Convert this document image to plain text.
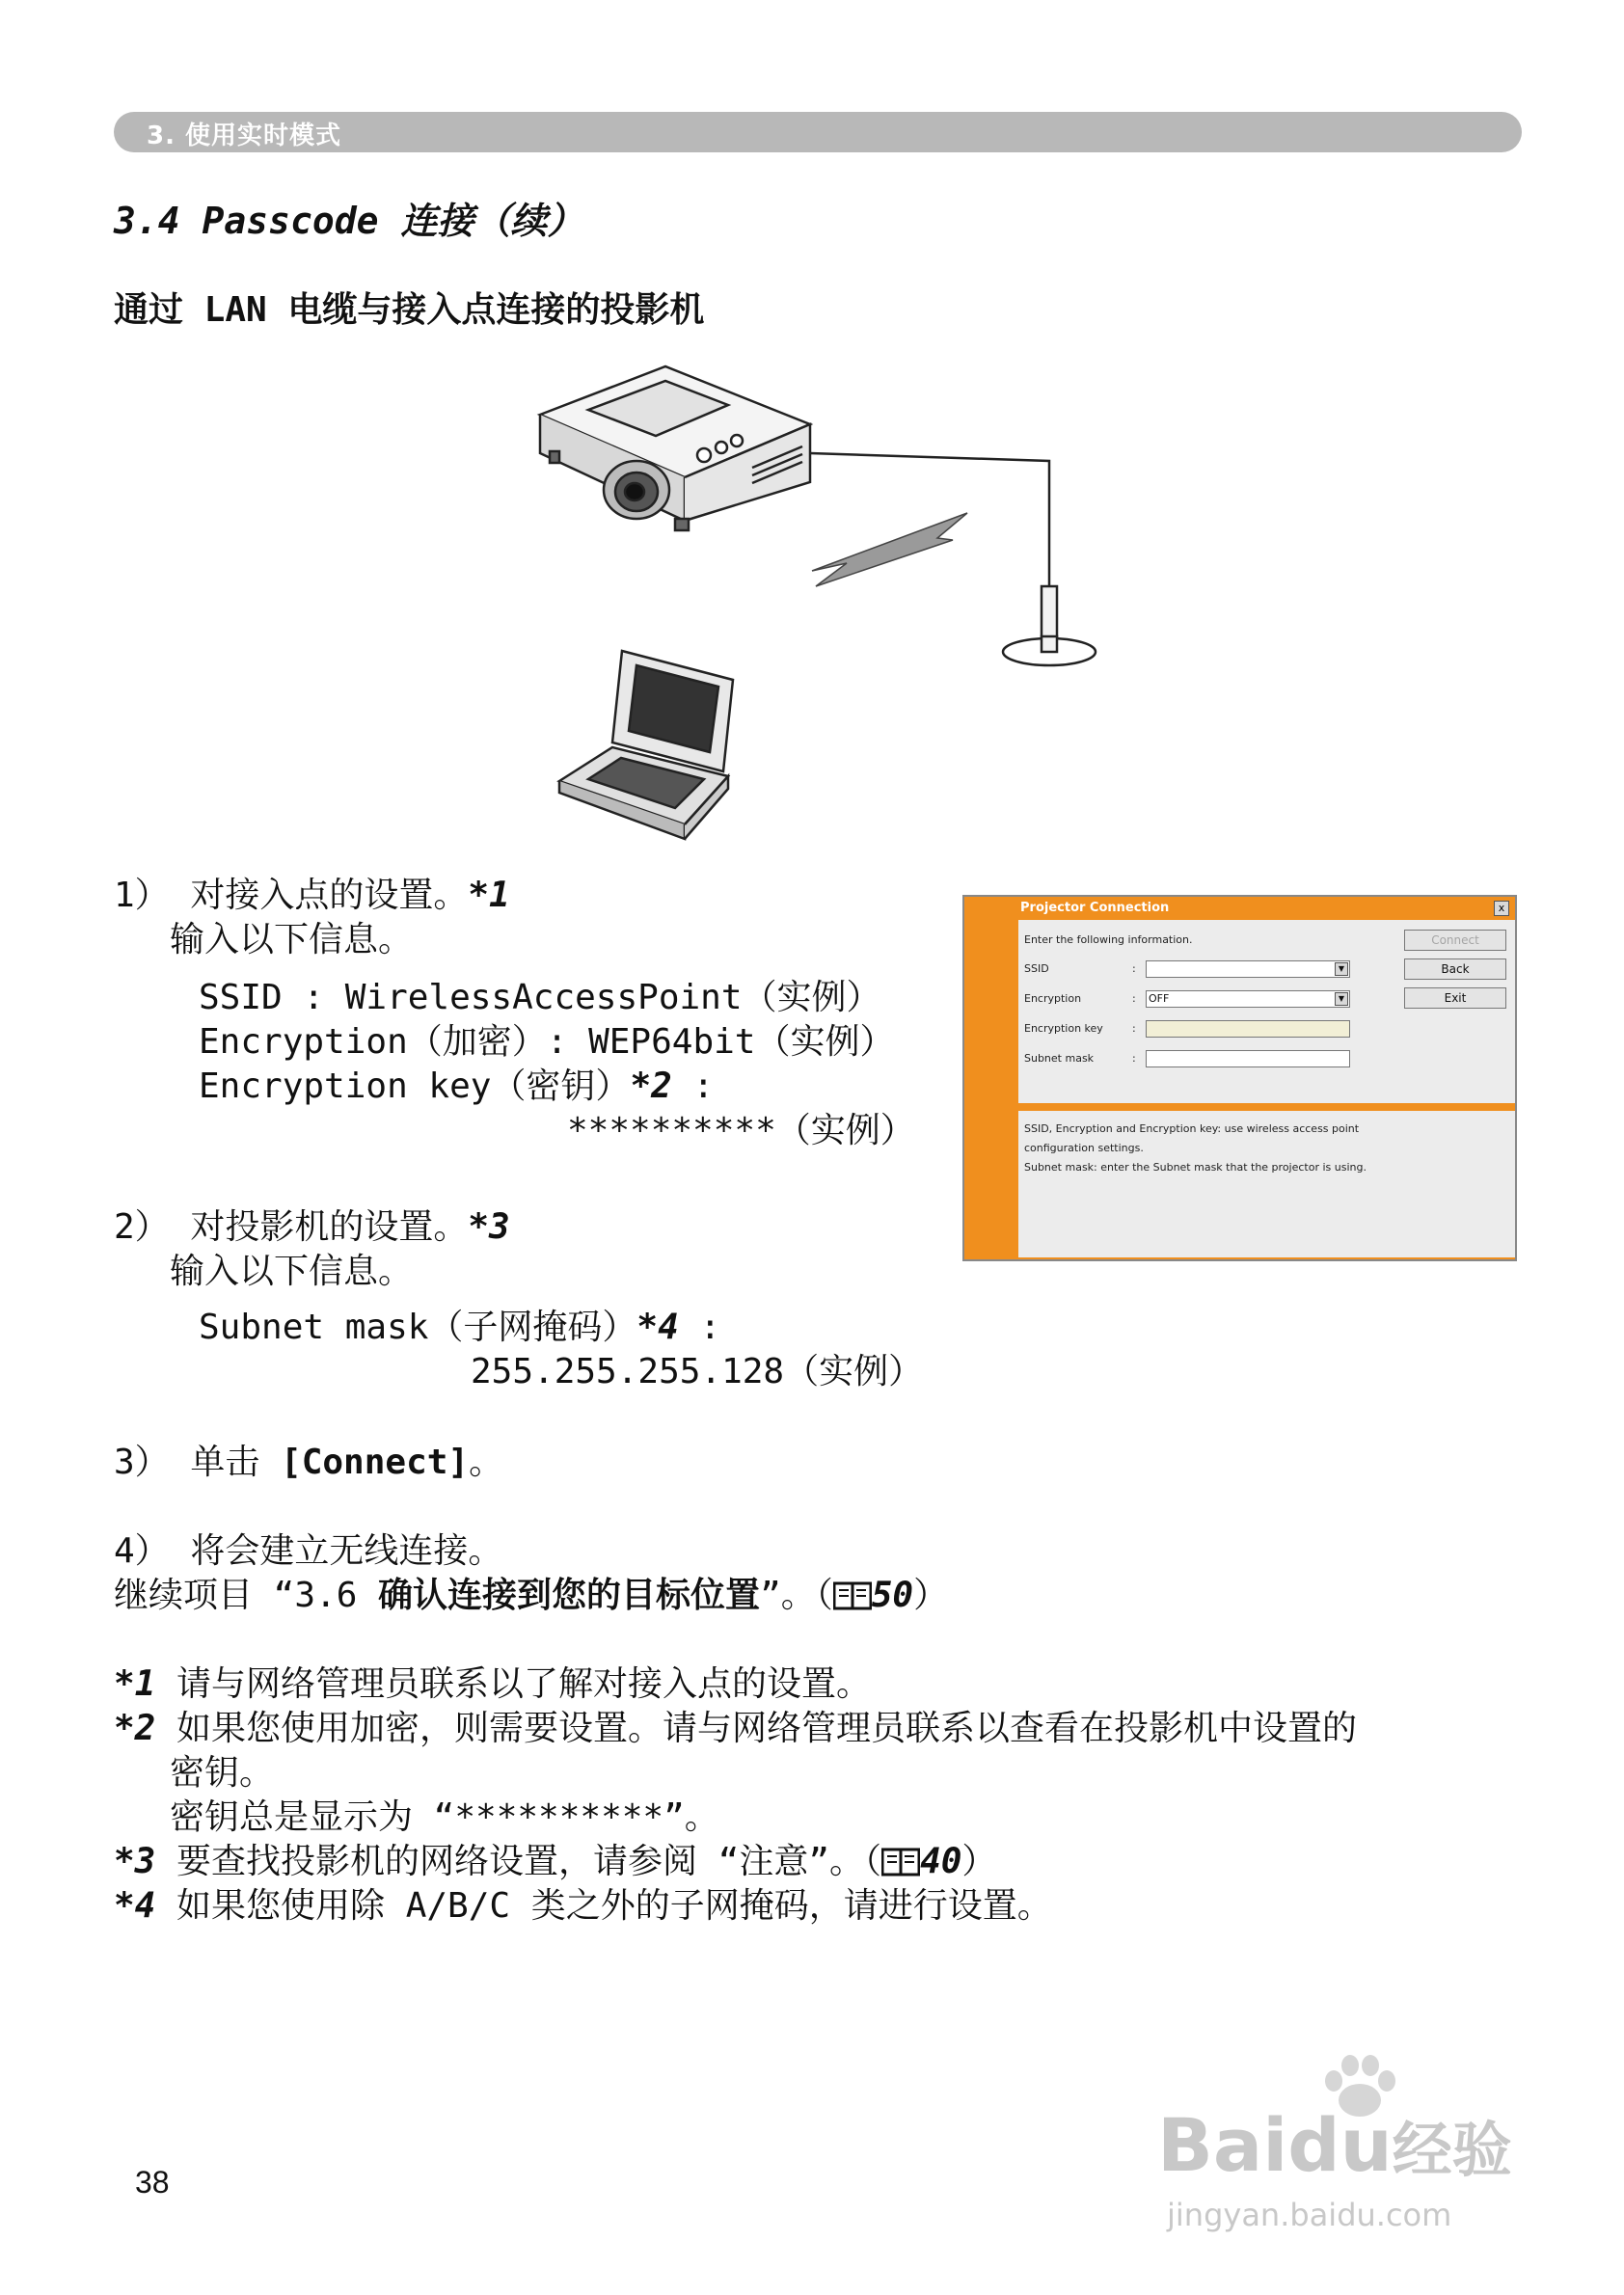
3. 使用实时模式
3.4 Passcode 连接（续）
通过 LAN 电缆与接入点连接的投影机
1） 对接入点的设置。*1
输入以下信息。
SSID : WirelessAccessPoint（实例）
Encryption（加密）: WEP64bit（实例）
Encryption key（密钥）*2 :
**********（实例）
2） 对投影机的设置。*3
输入以下信息。
Subnet mask（子网掩码）*4 :
255.255.255.128（实例）
3） 单击 [Connect]。
4） 将会建立无线连接。
继续项目 “3.6 确认连接到您的目标位置”。（ 50）
*1 请与网络管理员联系以了解对接入点的设置。
*2 如果您使用加密，则需要设置。请与网络管理员联系以查看在投影机中设置的
密钥。
密钥总是显示为 “**********”。
*3 要查找投影机的网络设置，请参阅 “注意”。（ 40）
*4 如果您使用除 A/B/C 类之外的子网掩码，请进行设置。
Projector Connection	x
Enter the following information.
SSID	:	▼
Encryption	: OFF	▼
Encryption key	:
Subnet mask	:
Connect
Back
Exit
SSID, Encryption and Encryption key: use wireless access point
configuration settings.
Subnet mask: enter the Subnet mask that the projector is using.
Baidu经验
jingyan.baidu.com
38
